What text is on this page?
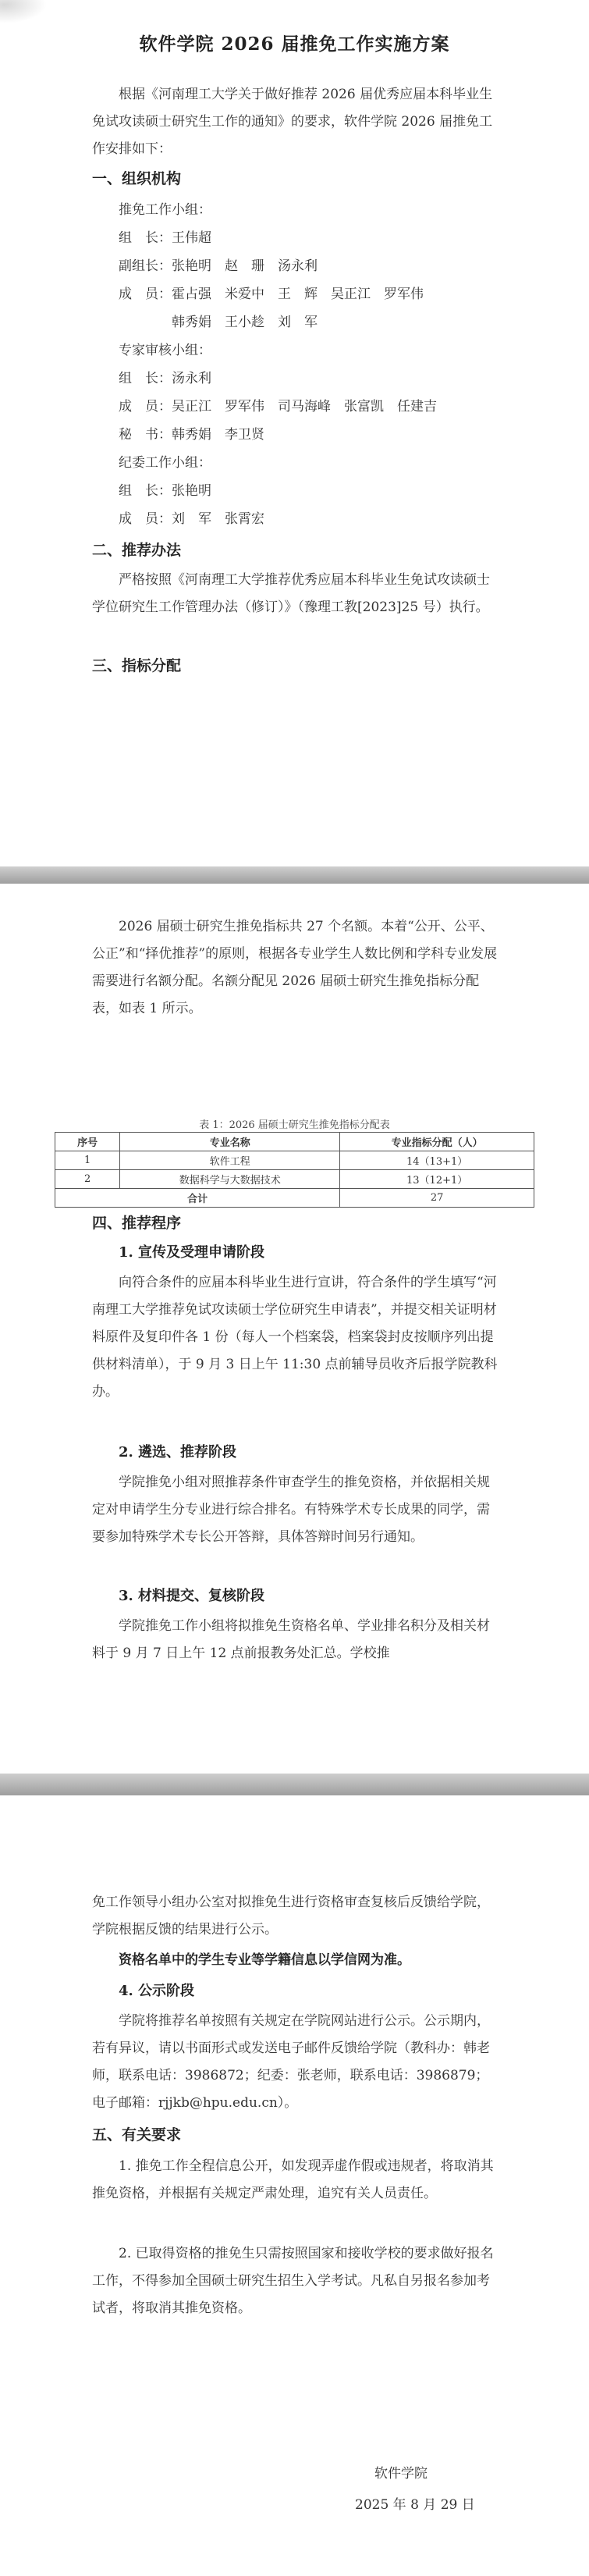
软件学院 2026 届推免工作实施方案
根据《河南理工大学关于做好推荐 2026 届优秀应届本科毕业生免试攻读硕士研究生工作的通知》的要求，软件学院 2026 届推免工作安排如下：
一、组织机构
推免工作小组：
组　长：王伟超
副组长：张艳明　赵　珊　汤永利
成　员：霍占强　米爱中　王　辉　吴正江　罗军伟
韩秀娟　王小趁　刘　军
专家审核小组：
组　长：汤永利
成　员：吴正江　罗军伟　司马海峰　张富凯　任建吉
秘　书：韩秀娟　李卫贤
纪委工作小组：
组　长：张艳明
成　员：刘　军　张霄宏
二、推荐办法
严格按照《河南理工大学推荐优秀应届本科毕业生免试攻读硕士学位研究生工作管理办法（修订）》（豫理工教[2023]25 号）执行。
三、指标分配
2026 届硕士研究生推免指标共 27 个名额。本着“公开、公平、公正”和“择优推荐”的原则，根据各专业学生人数比例和学科专业发展需要进行名额分配。名额分配见 2026 届硕士研究生推免指标分配表，如表 1 所示。
表 1：2026 届硕士研究生推免指标分配表
序号	专业名称	专业指标分配（人）
1	软件工程	14（13+1）
2	数据科学与大数据技术	13（12+1）
合计		27
四、推荐程序
1. 宣传及受理申请阶段
向符合条件的应届本科毕业生进行宣讲，符合条件的学生填写“河南理工大学推荐免试攻读硕士学位研究生申请表”，并提交相关证明材料原件及复印件各 1 份（每人一个档案袋，档案袋封皮按顺序列出提供材料清单），于 9 月 3 日上午 11:30 点前辅导员收齐后报学院教科办。
2. 遴选、推荐阶段
学院推免小组对照推荐条件审查学生的推免资格，并依据相关规定对申请学生分专业进行综合排名。有特殊学术专长成果的同学，需要参加特殊学术专长公开答辩，具体答辩时间另行通知。
3. 材料提交、复核阶段
学院推免工作小组将拟推免生资格名单、学业排名积分及相关材料于 9 月 7 日上午 12 点前报教务处汇总。学校推
免工作领导小组办公室对拟推免生进行资格审查复核后反馈给学院，学院根据反馈的结果进行公示。
资格名单中的学生专业等学籍信息以学信网为准。
4. 公示阶段
学院将推荐名单按照有关规定在学院网站进行公示。公示期内，若有异议，请以书面形式或发送电子邮件反馈给学院（教科办：韩老师，联系电话：3986872；纪委：张老师，联系电话：3986879；电子邮箱：rjjkb@hpu.edu.cn）。
五、有关要求
1. 推免工作全程信息公开，如发现弄虚作假或违规者，将取消其推免资格，并根据有关规定严肃处理，追究有关人员责任。
2. 已取得资格的推免生只需按照国家和接收学校的要求做好报名工作，不得参加全国硕士研究生招生入学考试。凡私自另报名参加考试者，将取消其推免资格。
软件学院
2025 年 8 月 29 日
